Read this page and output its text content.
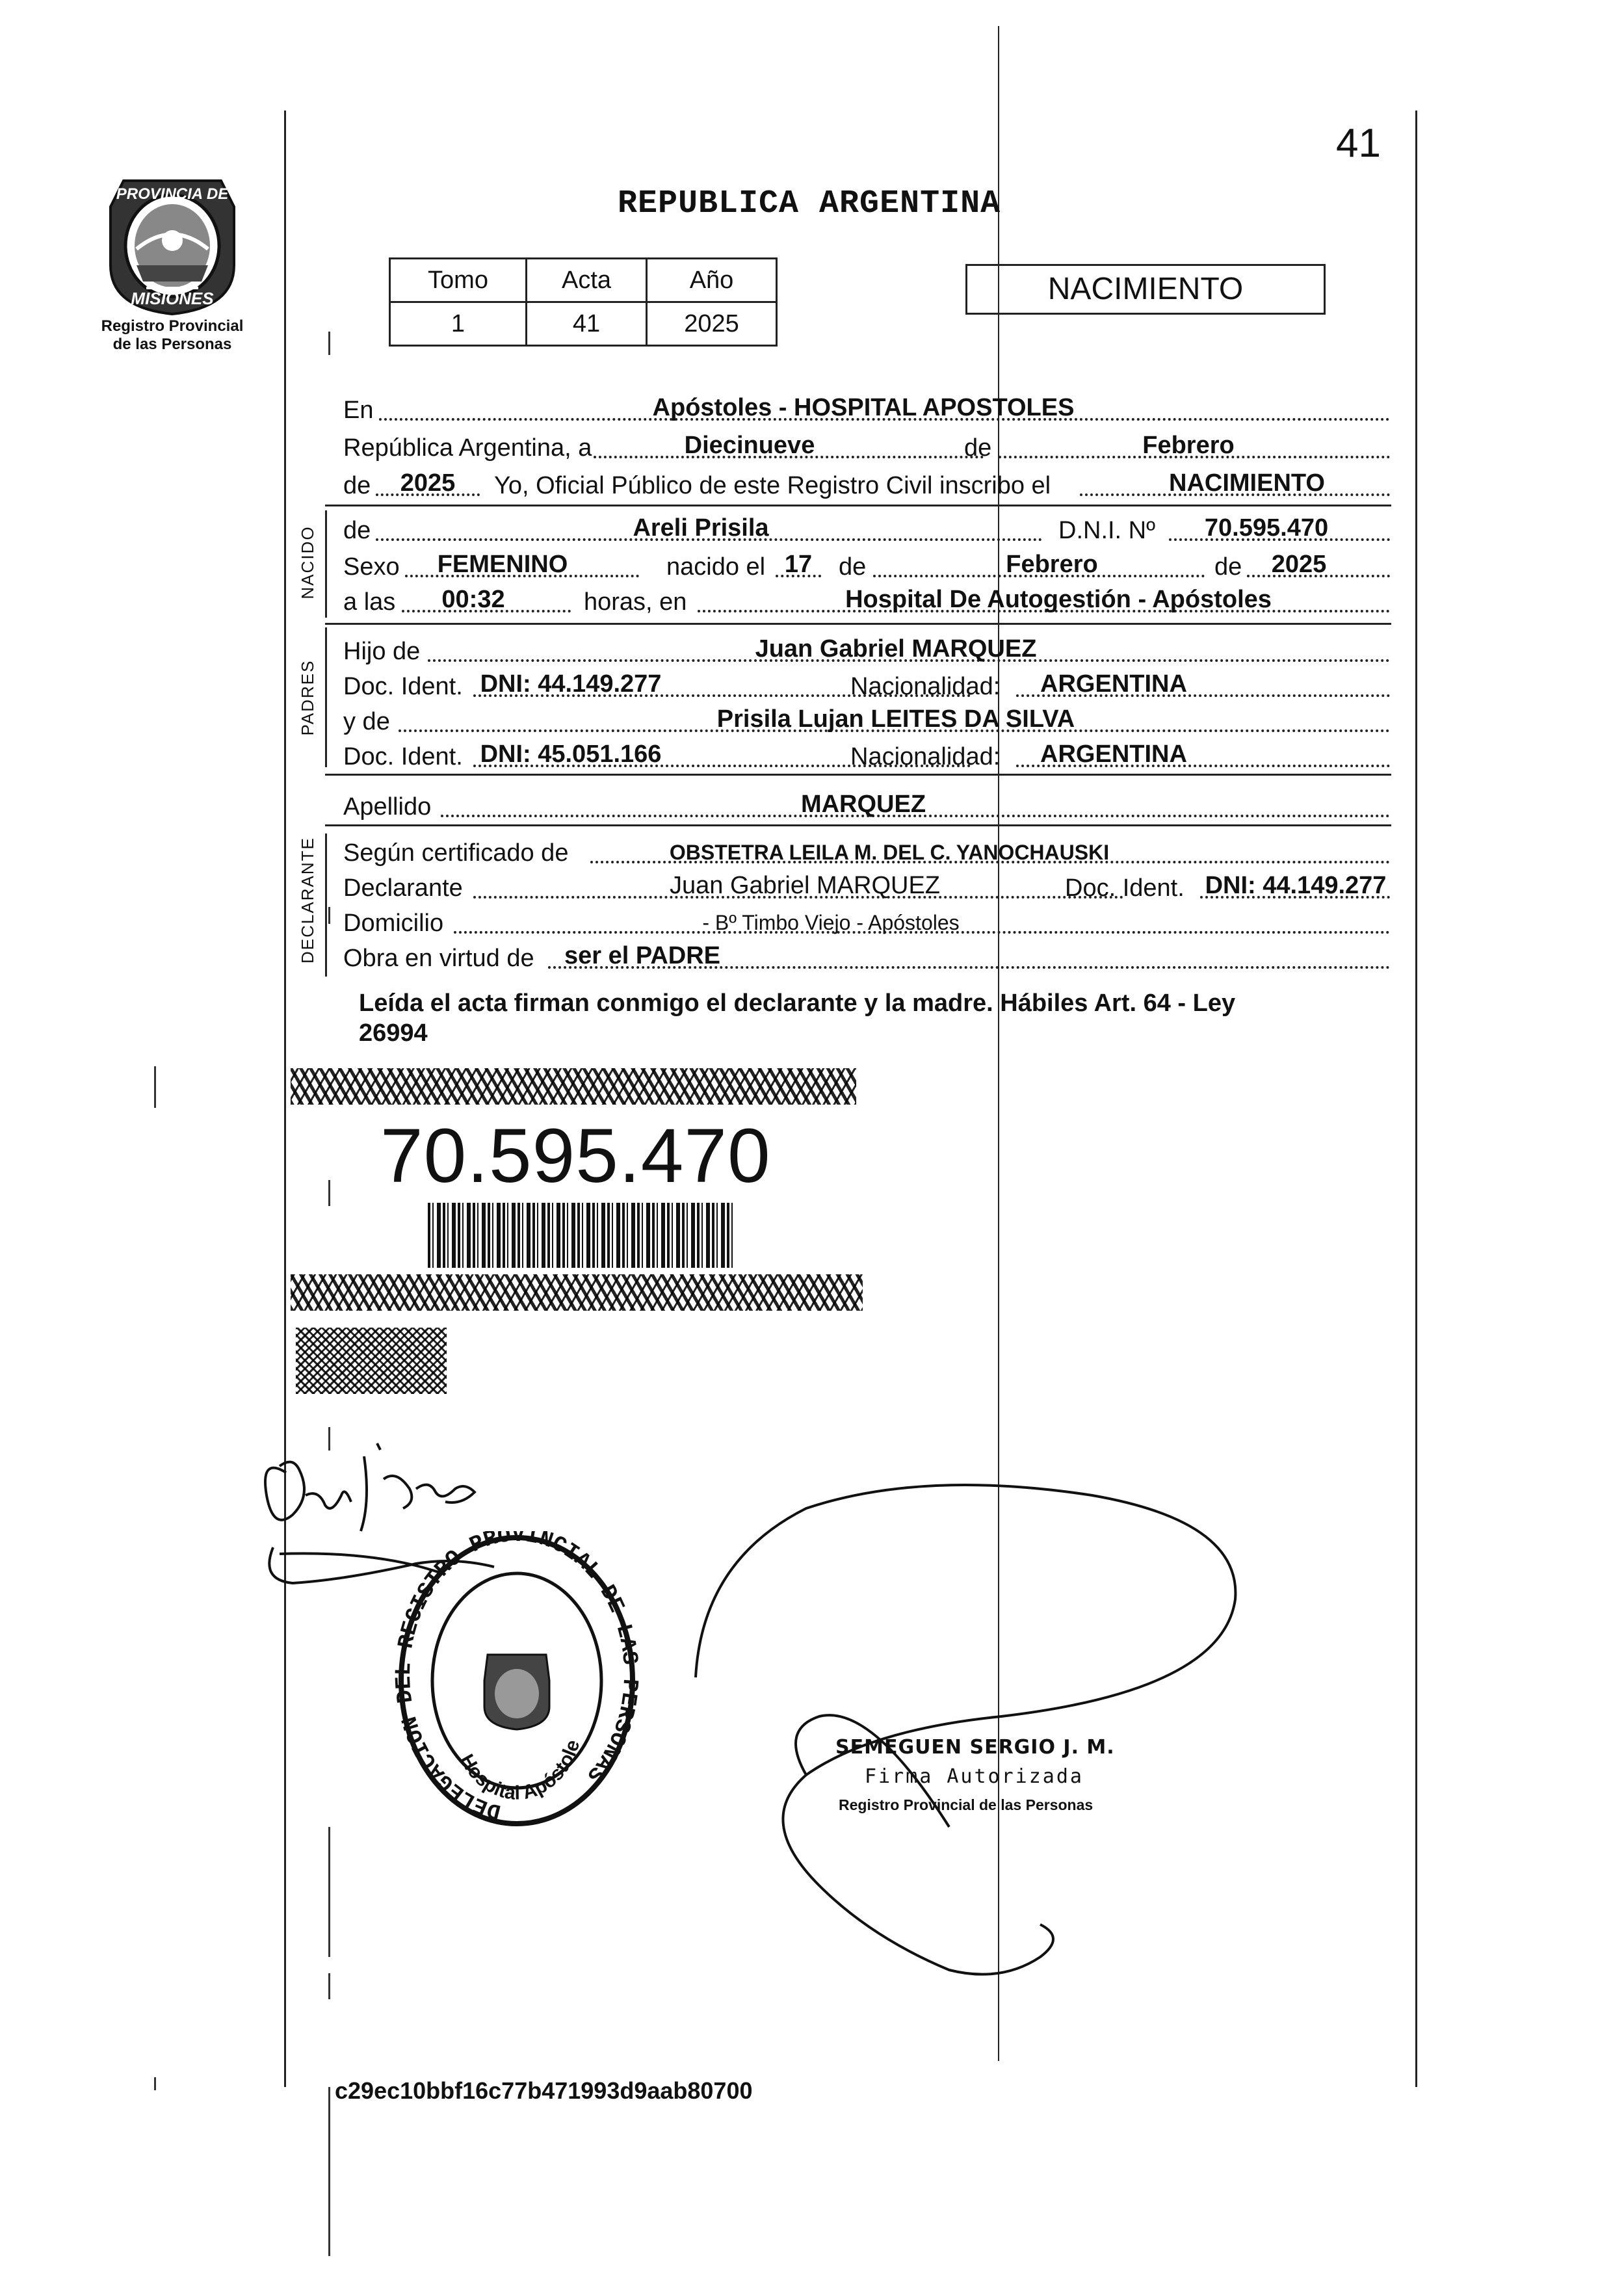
41
PROVINCIA DE
MISIONES
Registro Provincial
de las Personas
REPUBLICA ARGENTINA
Tomo	Acta	Año
1	41	2025
NACIMIENTO
En	Apóstoles - HOSPITAL APOSTOLES
República Argentina, a	Diecinueve	de	Febrero
de	2025	Yo, Oficial Público de este Registro Civil inscribo el	NACIMIENTO
NACIDO de	Areli Prisila	D.N.I. Nº	70.595.470
Sexo	FEMENINO	nacido el 17	de	Febrero	de	2025
a las	00:32	horas, en	Hospital De Autogestión - Apóstoles
PADRES
Hijo de	Juan Gabriel MARQUEZ
Doc. Ident. DNI: 44.149.277	Nacionalidad:	ARGENTINA
y de	Prisila Lujan LEITES DA SILVA
Doc. Ident. DNI: 45.051.166	Nacionalidad:	ARGENTINA
Apellido	MARQUEZ
DECLARANTE Según certificado de	OBSTETRA LEILA M. DEL C. YANOCHAUSKI
Declarante	Juan Gabriel MARQUEZ	Doc. Ident. DNI: 44.149.277
Domicilio	- Bº Timbo Viejo - Apóstoles
Obra en virtud de	ser el PADRE
Leída el acta firman conmigo el declarante y la madre. Hábiles Art. 64 - Ley
26994
70.595.470
DELEGACION DEL REGISTRO PROVINCIAL DE LAS PERSONAS
Hospital Apóstole	SEMEGUEN SERGIO J. M.
Firma Autorizada
Registro Provincial de las Personas
c29ec10bbf16c77b471993d9aab80700
